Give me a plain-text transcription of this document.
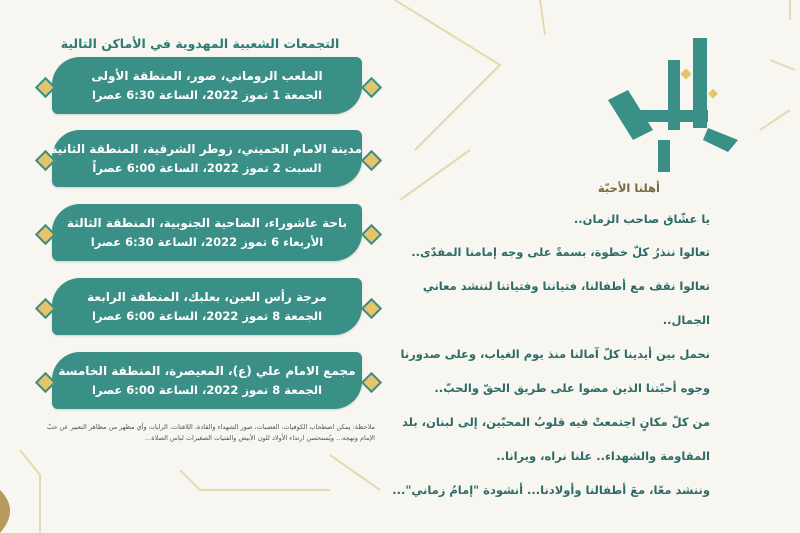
التجمعات الشعبية المهدوية في الأماكن التالية
الملعب الروماني، صور، المنطقة الأولى
الجمعة 1 تموز 2022، الساعة 6:30 عصرا
مدينة الامام الخميني، زوطر الشرقية، المنطقة الثانية
السبت 2 تموز 2022، الساعة 6:00 عصراً
باحة عاشوراء، الضاحية الجنوبية، المنطقة الثالثة
الأربعاء 6 تموز 2022، الساعة 6:30 عصرا
مرجة رأس العين، بعلبك، المنطقة الرابعة
الجمعة 8 تموز 2022، الساعة 6:00 عصرا
مجمع الامام علي (ع)، المعيصرة، المنطقة الخامسة
الجمعة 8 تموز 2022، الساعة 6:00 عصرا
ملاحظة: يمكن اصطحاب الكوفيات، العصبات، صور الشهداء والقادة، اللافتات، الرايات وأي مظهر من مظاهر التعبير عن حبّ الإمام ونهجه... ويُستحسن ارتداء الأولاد للون الأبيض والفتيات الصغيرات لباس الصلاة...
أهلنا الأحبّة
يا عشّاق صاحب الزمان..
تعالوا ننذرُ كلّ خطوة، بسمةً على وجه إمامنا المفدّى..
تعالوا نقف مع أطفالنا، فتياننا وفتياتنا لننشد معاني
الجمال..
نحمل بين أيدينا كلّ آمالنا منذ يوم الغياب، وعلى صدورنا
وجوه أحبّتنا الذين مضوا على طريق الحقّ والحبّ..
من كلّ مكانٍ اجتمعتْ فيه قلوبُ المحبّين، إلى لبنان، بلد
المقاومة والشهداء.. علنا نراه، ويرانا..
وننشد معًا، معَ أطفالنا وأولادنا... أنشودة "إمامُ زماني"...
